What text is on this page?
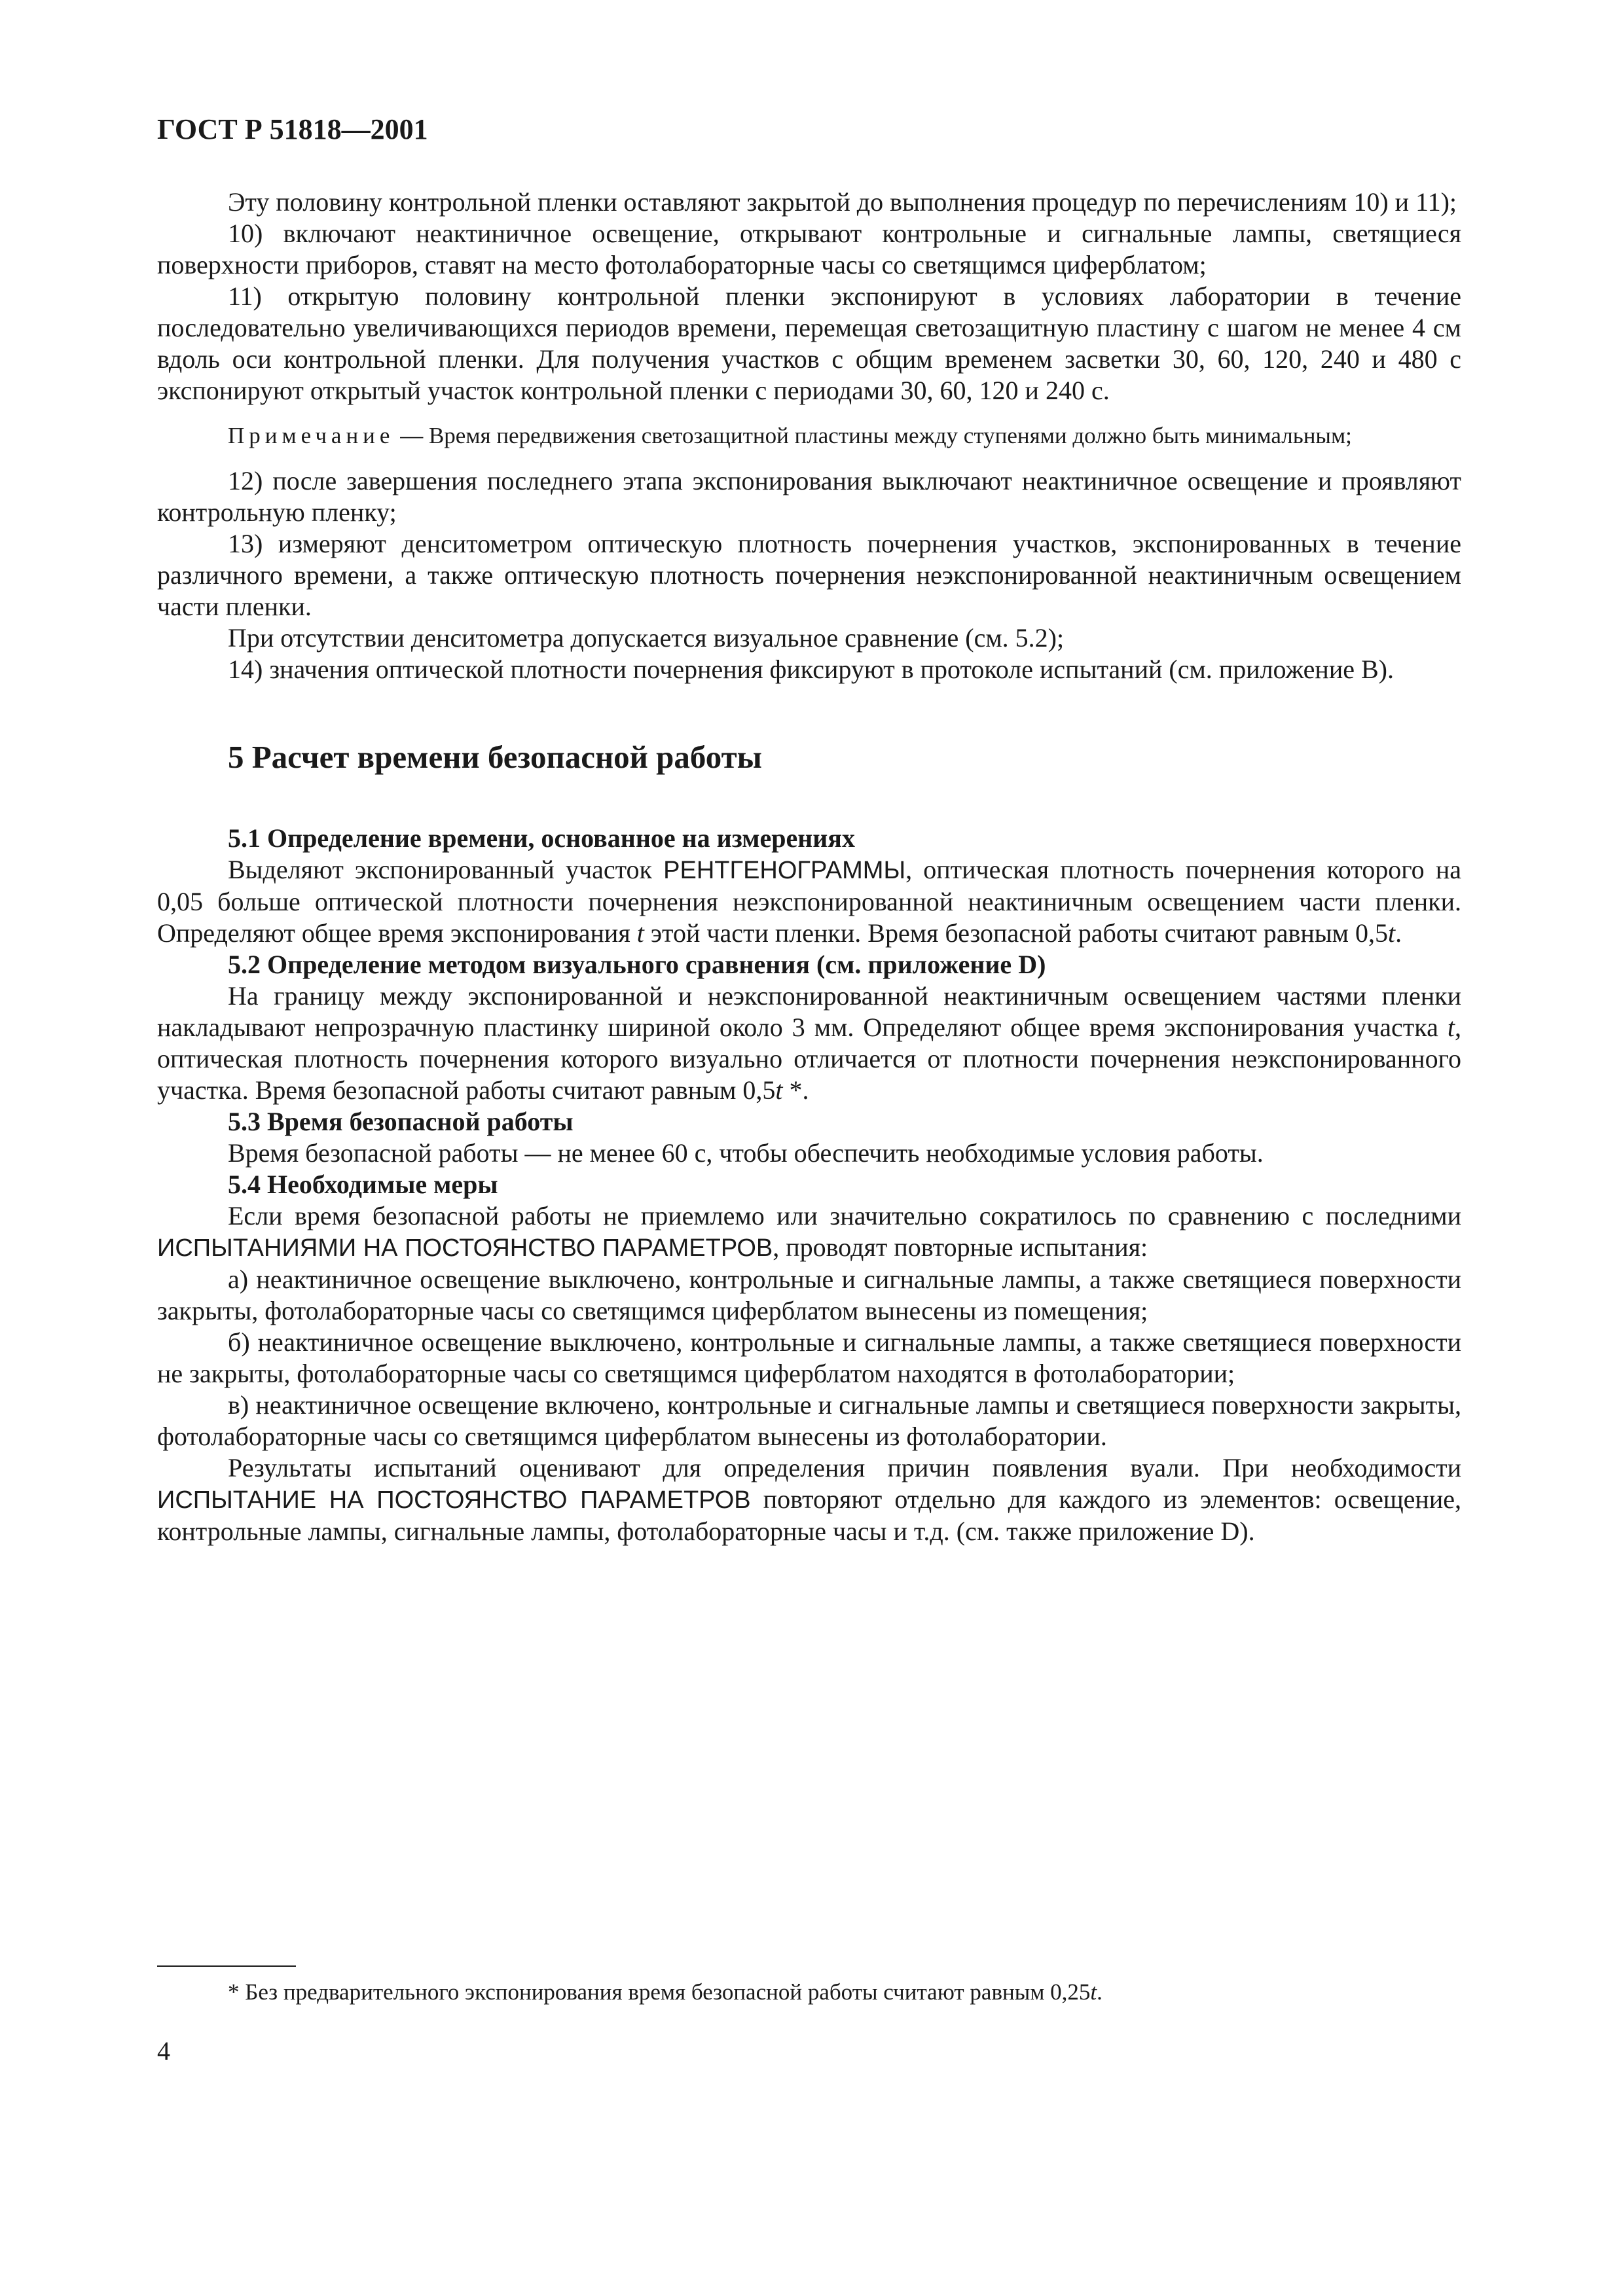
ГОСТ Р 51818—2001

Эту половину контрольной пленки оставляют закрытой до выполнения процедур по перечислениям 10) и 11);

10) включают неактиничное освещение, открывают контрольные и сигнальные лампы, светящиеся поверхности приборов, ставят на место фотолабораторные часы со светящимся циферблатом;

11) открытую половину контрольной пленки экспонируют в условиях лаборатории в течение последовательно увеличивающихся периодов времени, перемещая светозащитную пластину с шагом не менее 4 см вдоль оси контрольной пленки. Для получения участков с общим временем засветки 30, 60, 120, 240 и 480 с экспонируют открытый участок контрольной пленки с периодами 30, 60, 120 и 240 с.

Примечание — Время передвижения светозащитной пластины между ступенями должно быть минимальным;

12) после завершения последнего этапа экспонирования выключают неактиничное освещение и проявляют контрольную пленку;

13) измеряют денситометром оптическую плотность почернения участков, экспонированных в течение различного времени, а также оптическую плотность почернения неэкспонированной неактиничным освещением части пленки.

При отсутствии денситометра допускается визуальное сравнение (см. 5.2);

14) значения оптической плотности почернения фиксируют в протоколе испытаний (см. приложение В).

5 Расчет времени безопасной работы

5.1 Определение времени, основанное на измерениях

Выделяют экспонированный участок РЕНТГЕНОГРАММЫ, оптическая плотность почернения которого на 0,05 больше оптической плотности почернения неэкспонированной неактиничным освещением части пленки. Определяют общее время экспонирования t этой части пленки. Время безопасной работы считают равным 0,5t.

5.2 Определение методом визуального сравнения (см. приложение D)

На границу между экспонированной и неэкспонированной неактиничным освещением частями пленки накладывают непрозрачную пластинку шириной около 3 мм. Определяют общее время экспонирования участка t, оптическая плотность почернения которого визуально отличается от плотности почернения неэкспонированного участка. Время безопасной работы считают равным 0,5t *.

5.3 Время безопасной работы

Время безопасной работы — не менее 60 с, чтобы обеспечить необходимые условия работы.

5.4 Необходимые меры

Если время безопасной работы не приемлемо или значительно сократилось по сравнению с последними ИСПЫТАНИЯМИ НА ПОСТОЯНСТВО ПАРАМЕТРОВ, проводят повторные испытания:

а) неактиничное освещение выключено, контрольные и сигнальные лампы, а также светящиеся поверхности закрыты, фотолабораторные часы со светящимся циферблатом вынесены из помещения;

б) неактиничное освещение выключено, контрольные и сигнальные лампы, а также светящиеся поверхности не закрыты, фотолабораторные часы со светящимся циферблатом находятся в фотолаборатории;

в) неактиничное освещение включено, контрольные и сигнальные лампы и светящиеся поверхности закрыты, фотолабораторные часы со светящимся циферблатом вынесены из фотолаборатории.

Результаты испытаний оценивают для определения причин появления вуали. При необходимости ИСПЫТАНИЕ НА ПОСТОЯНСТВО ПАРАМЕТРОВ повторяют отдельно для каждого из элементов: освещение, контрольные лампы, сигнальные лампы, фотолабораторные часы и т.д. (см. также приложение D).

* Без предварительного экспонирования время безопасной работы считают равным 0,25t.
4
